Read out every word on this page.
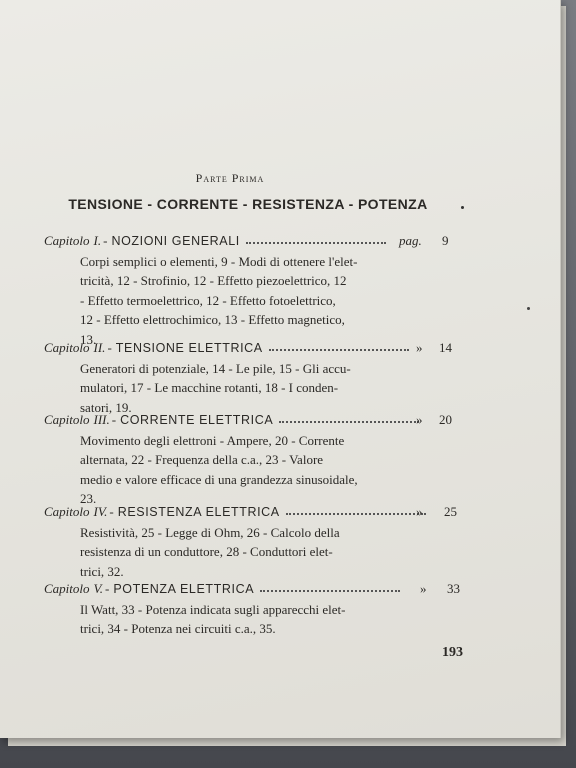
Parte Prima
TENSIONE - CORRENTE - RESISTENZA - POTENZA
Capitolo I. - NOZIONI GENERALI	pag. 9
Corpi semplici o elementi, 9 - Modi di ottenere l'elet-
tricità, 12 - Strofinio, 12 - Effetto piezoelettrico, 12
- Effetto termoelettrico, 12 - Effetto fotoelettrico,
12 - Effetto elettrochimico, 13 - Effetto magnetico,
13.
Capitolo II. - TENSIONE ELETTRICA	» 14
Generatori di potenziale, 14 - Le pile, 15 - Gli accu-
mulatori, 17 - Le macchine rotanti, 18 - I conden-
satori, 19.
Capitolo III. - CORRENTE ELETTRICA	» 20
Movimento degli elettroni - Ampere, 20 - Corrente
alternata, 22 - Frequenza della c.a., 23 - Valore
medio e valore efficace di una grandezza sinusoidale,
23.
Capitolo IV. - RESISTENZA ELETTRICA	» 25
Resistività, 25 - Legge di Ohm, 26 - Calcolo della
resistenza di un conduttore, 28 - Conduttori elet-
trici, 32.
Capitolo V. - POTENZA ELETTRICA	» 33
Il Watt, 33 - Potenza indicata sugli apparecchi elet-
trici, 34 - Potenza nei circuiti c.a., 35.
193
